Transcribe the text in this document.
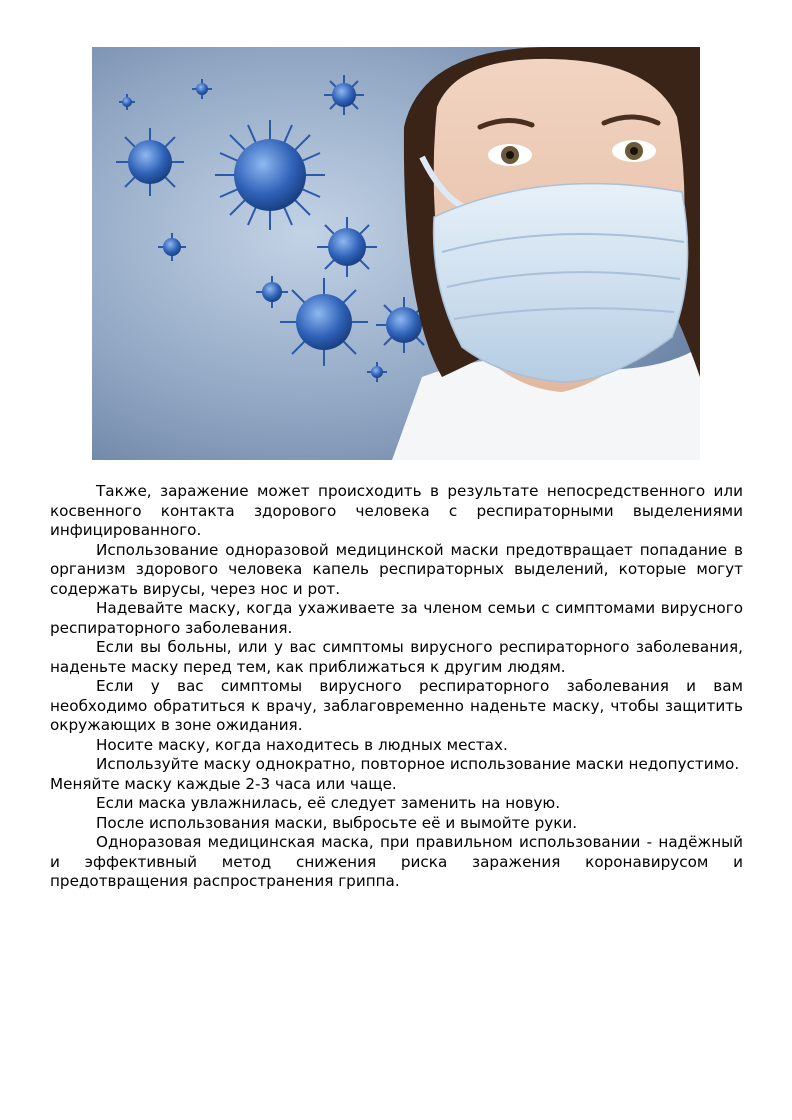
Также, заражение может происходить в результате непосредственного или косвенного контакта здорового человека с респираторными выделениями инфицированного.

Использование одноразовой медицинской маски предотвращает попадание в организм здорового человека капель респираторных выделений, которые могут содержать вирусы, через нос и рот.

Надевайте маску, когда ухаживаете за членом семьи с симптомами вирусного респираторного заболевания.

Если вы больны, или у вас симптомы вирусного респираторного заболевания, наденьте маску перед тем, как приближаться к другим людям.

Если у вас симптомы вирусного респираторного заболевания и вам необходимо обратиться к врачу, заблаговременно наденьте маску, чтобы защитить окружающих в зоне ожидания.

Носите маску, когда находитесь в людных местах.

Используйте маску однократно, повторное использование маски недопустимо. Меняйте маску каждые 2-3 часа или чаще.

Если маска увлажнилась, её следует заменить на новую.

После использования маски, выбросьте её и вымойте руки.

Одноразовая медицинская маска, при правильном использовании - надёжный и эффективный метод снижения риска заражения коронавирусом и предотвращения распространения гриппа.
